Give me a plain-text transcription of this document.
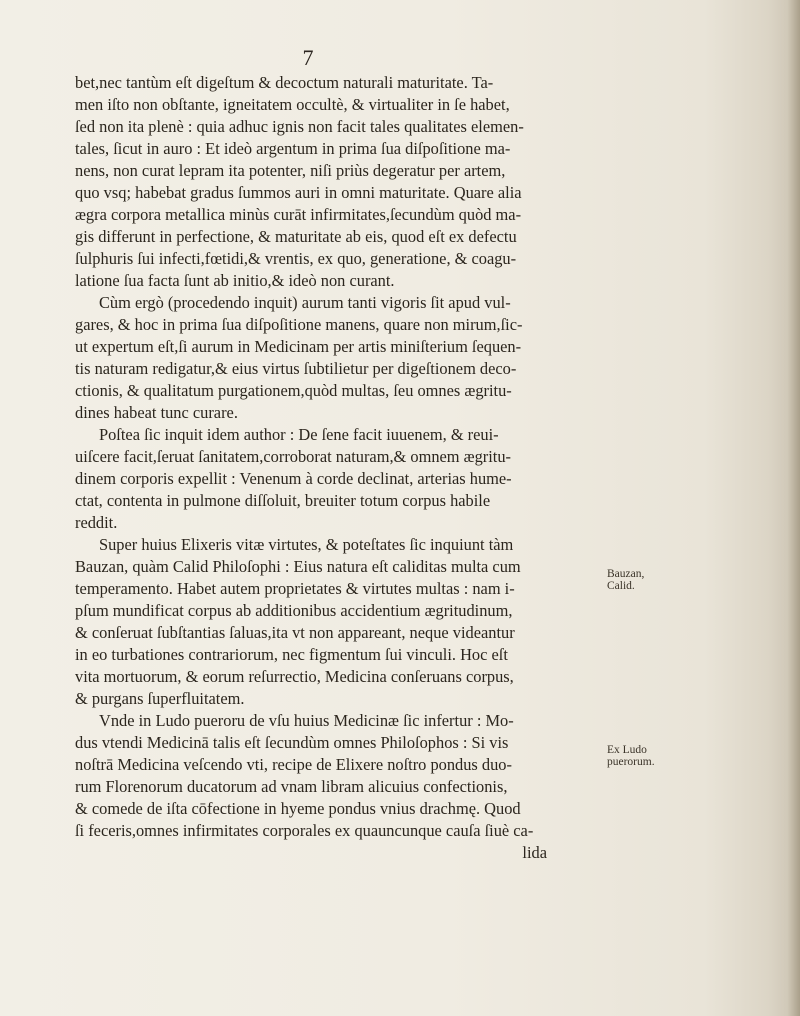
7
bet,nec tantùm eſt digeſtum & decoctum naturali maturitate. Ta-
men iſto non obſtante, igneitatem occultè, & virtualiter in ſe habet,
ſed non ita plenè : quia adhuc ignis non facit tales qualitates elemen-
tales, ſicut in auro : Et ideò argentum in prima ſua diſpoſitione ma-
nens, non curat lepram ita potenter, niſi priùs degeratur per artem,
quo vsq; habebat gradus ſummos auri in omni maturitate. Quare alia
ægra corpora metallica minùs curāt infirmitates,ſecundùm quòd ma-
gis differunt in perfectione, & maturitate ab eis, quod eſt ex defectu
ſulphuris ſui infecti,fœtidi,& vrentis, ex quo, generatione, & coagu-
latione ſua facta ſunt ab initio,& ideò non curant.
Cùm ergò (procedendo inquit) aurum tanti vigoris ſit apud vul-
gares, & hoc in prima ſua diſpoſitione manens, quare non mirum,ſic-
ut expertum eſt,ſi aurum in Medicinam per artis miniſterium ſequen-
tis naturam redigatur,& eius virtus ſubtilietur per digeſtionem deco-
ctionis, & qualitatum purgationem,quòd multas, ſeu omnes ægritu-
dines habeat tunc curare.
Poſtea ſic inquit idem author : De ſene facit iuuenem, & reui-
uiſcere facit,ſeruat ſanitatem,corroborat naturam,& omnem ægritu-
dinem corporis expellit : Venenum à corde declinat, arterias hume-
ctat, contenta in pulmone diſſoluit, breuiter totum corpus habile
reddit.
Super huius Elixeris vitæ virtutes, & poteſtates ſic inquiunt tàm
Bauzan, quàm Calid Philoſophi : Eius natura eſt caliditas multa cum
temperamento. Habet autem proprietates & virtutes multas : nam i-
pſum mundificat corpus ab additionibus accidentium ægritudinum,
& conſeruat ſubſtantias ſaluas,ita vt non appareant, neque videantur
in eo turbationes contrariorum, nec figmentum ſui vinculi. Hoc eſt
vita mortuorum, & eorum reſurrectio, Medicina conſeruans corpus,
& purgans ſuperfluitatem.
Vnde in Ludo pueroru de vſu huius Medicinæ ſic infertur : Mo-
dus vtendi Medicinā talis eſt ſecundùm omnes Philoſophos : Si vis
noſtrā Medicina veſcendo vti, recipe de Elixere noſtro pondus duo-
rum Florenorum ducatorum ad vnam libram alicuius confectionis,
& comede de iſta cōfectione in hyeme pondus vnius drachmę. Quod
ſi feceris,omnes infirmitates corporales ex quauncunque cauſa ſiuè ca-
lida
Bauzan,
Calid.
Ex Ludo
puerorum.
